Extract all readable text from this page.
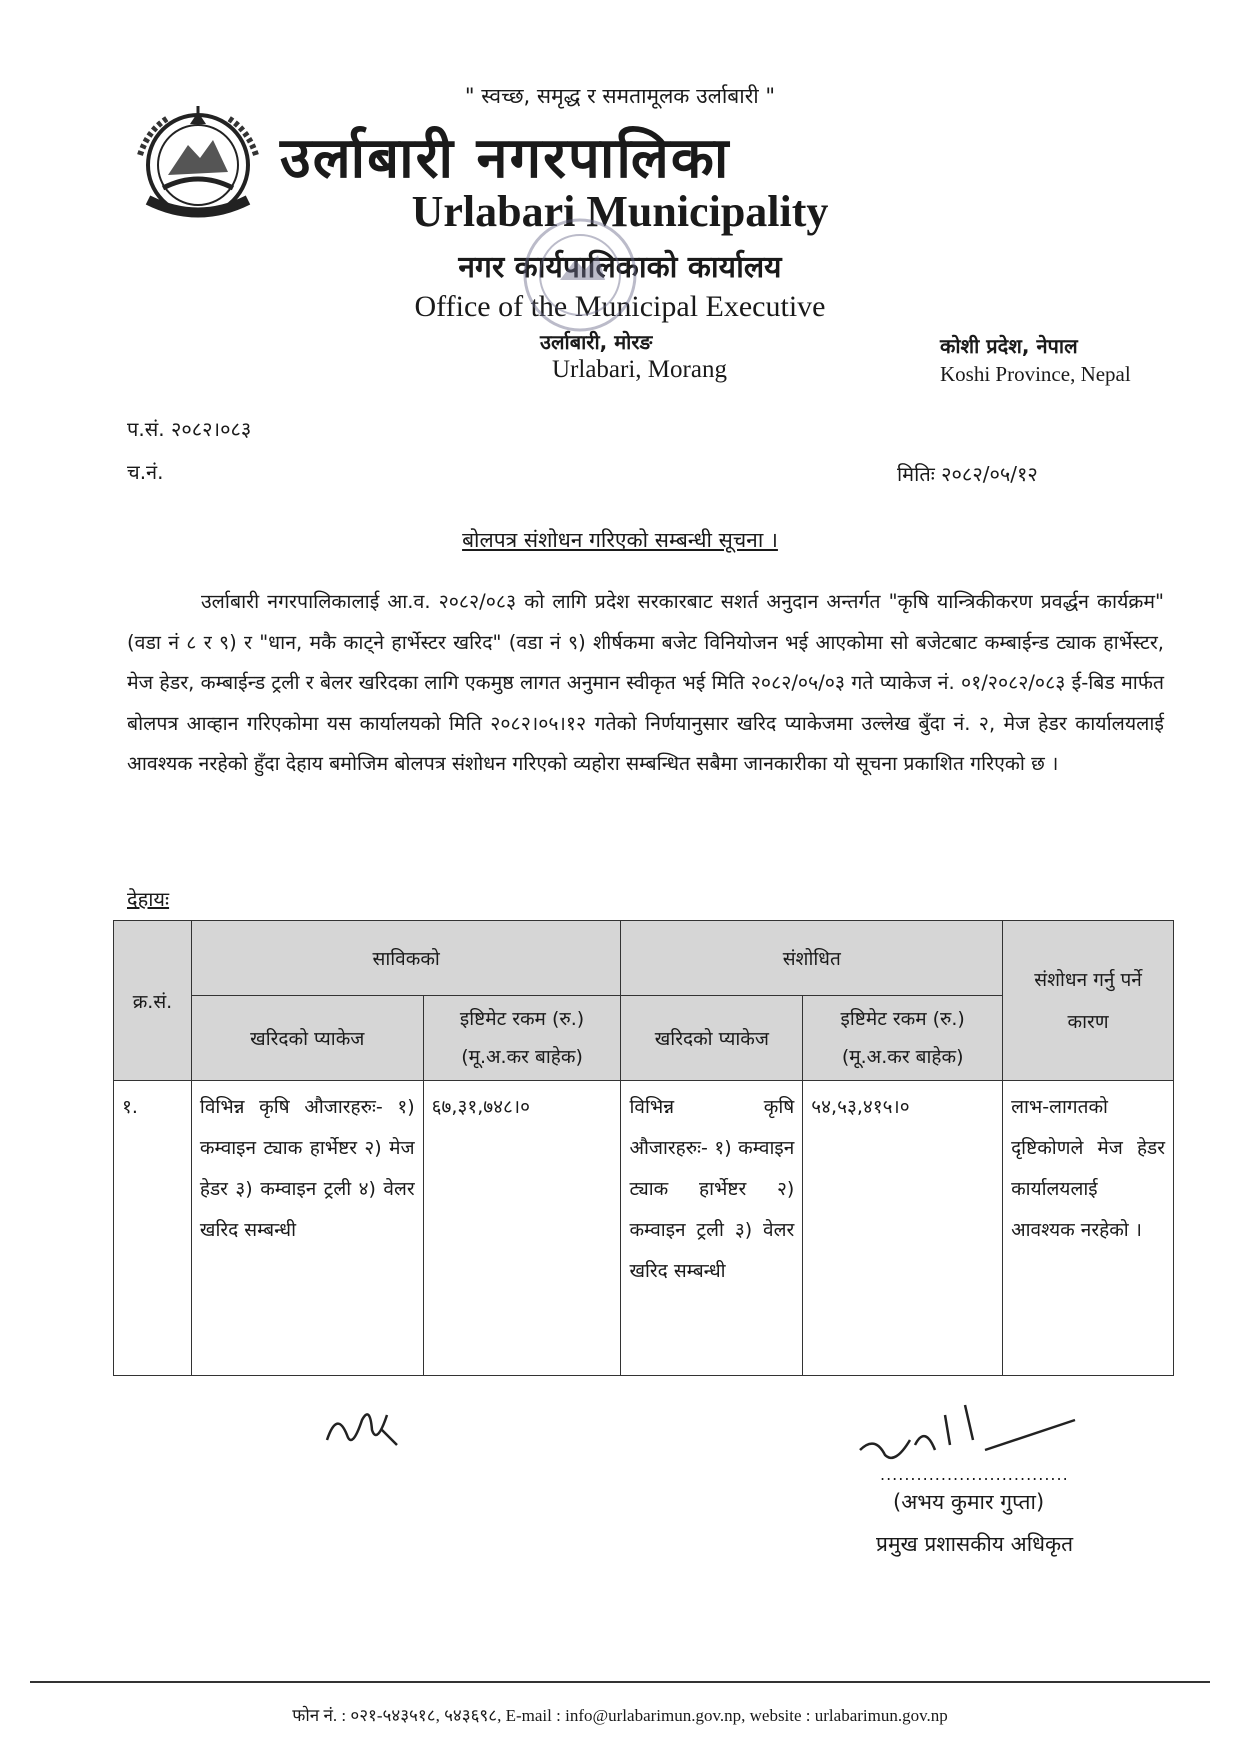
" स्वच्छ, समृद्ध र समतामूलक उर्लाबारी "
उर्लाबारी नगरपालिका
Urlabari Municipality
नगर कार्यपालिकाको कार्यालय
Office of the Municipal Executive
उर्लाबारी, मोरङ
Urlabari, Morang
कोशी प्रदेश, नेपाल
Koshi Province, Nepal
प.सं. २०८२।०८३
च.नं.	मितिः २०८२/०५/१२
बोलपत्र संशोधन गरिएको सम्बन्धी सूचना ।
उर्लाबारी नगरपालिकालाई आ.व. २०८२/०८३ को लागि प्रदेश सरकारबाट सशर्त अनुदान अन्तर्गत "कृषि यान्त्रिकीकरण प्रवर्द्धन कार्यक्रम" (वडा नं ८ र ९) र "धान, मकै काट्ने हार्भेस्टर खरिद" (वडा नं ९) शीर्षकमा बजेट विनियोजन भई आएकोमा सो बजेटबाट कम्बाईन्ड ट्याक हार्भेस्टर, मेज हेडर, कम्बाईन्ड ट्रली र बेलर खरिदका लागि एकमुष्ठ लागत अनुमान स्वीकृत भई मिति २०८२/०५/०३ गते प्याकेज नं. ०१/२०८२/०८३ ई-बिड मार्फत बोलपत्र आव्हान गरिएकोमा यस कार्यालयको मिति २०८२।०५।१२ गतेको निर्णयानुसार खरिद प्याकेजमा उल्लेख बुँदा नं. २, मेज हेडर कार्यालयलाई आवश्यक नरहेको हुँदा देहाय बमोजिम बोलपत्र संशोधन गरिएको व्यहोरा सम्बन्धित सबैमा जानकारीका यो सूचना प्रकाशित गरिएको छ ।
देहायः
क्र.सं.	साविकको		संशोधित		संशोधन गर्नु पर्ने कारण
	खरिदको प्याकेज	इष्टिमेट रकम (रु.) (मू.अ.कर बाहेक)	खरिदको प्याकेज	इष्टिमेट रकम (रु.) (मू.अ.कर बाहेक)	
१.	विभिन्न कृषि औजारहरुः- १) कम्वाइन ट्याक हार्भेष्टर २) मेज हेडर ३) कम्वाइन ट्रली ४) वेलर खरिद सम्बन्धी	६७,३१,७४८।०	विभिन्न कृषि औजारहरुः- १) कम्वाइन ट्याक हार्भेष्टर २) कम्वाइन ट्रली ३) वेलर खरिद सम्बन्धी	५४,५३,४१५।०	लाभ-लागतको दृष्टिकोणले मेज हेडर कार्यालयलाई आवश्यक नरहेको ।
...............................
(अभय कुमार गुप्ता)
प्रमुख प्रशासकीय अधिकृत
फोन नं. : ०२१-५४३५१८, ५४३६९८, E-mail : info@urlabarimun.gov.np, website : urlabarimun.gov.np
